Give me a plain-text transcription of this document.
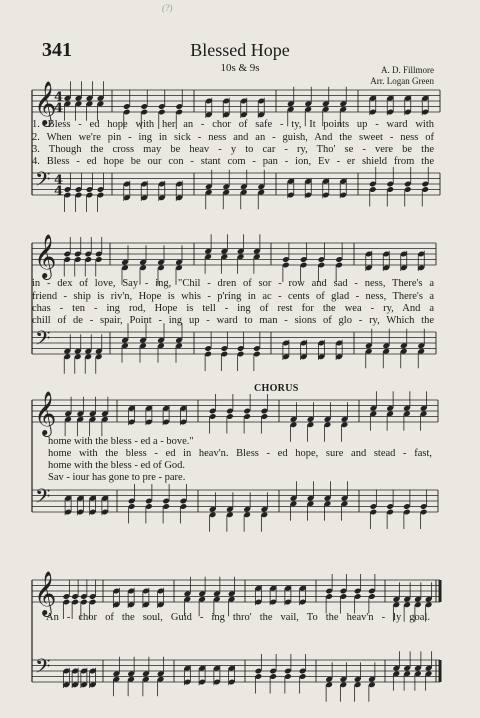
(?)
341	Blessed Hope
10s & 9s	A. D. Fillmore
Arr. Logan Green
𝄞
𝄢
4
4
4
4
𝄞
𝄢
𝄞
𝄢
𝄞
𝄢
1. Bless - ed hope with her an - chor of safe - ty, It points up - ward with
2. When we're pin - ing in sick - ness and an - guish, And the sweet - ness of
3. Though the cross may be heav - y to car - ry, Tho' se - vere be the
4. Bless - ed hope be our con - stant com - pan - ion, Ev - er shield from the
in - dex of love, Say - ing, "Chil - dren of sor - row and sad - ness, There's a
friend - ship is riv'n, Hope is whis - p'ring in ac - cents of glad - ness, There's a
chas - ten - ing rod, Hope is tell - ing of rest for the wea - ry, And a
chill of de - spair, Point - ing up - ward to man - sions of glo - ry, Which the
CHORUS
home with the bless - ed a - bove."
home with the bless - ed in heav'n. Bless - ed hope, sure and stead - fast,
home with the bless - ed of God.
Sav - iour has gone to pre - pare.
An - chor of the soul, Guid - ing thro' the vail, To the heav'n - ly goal.
